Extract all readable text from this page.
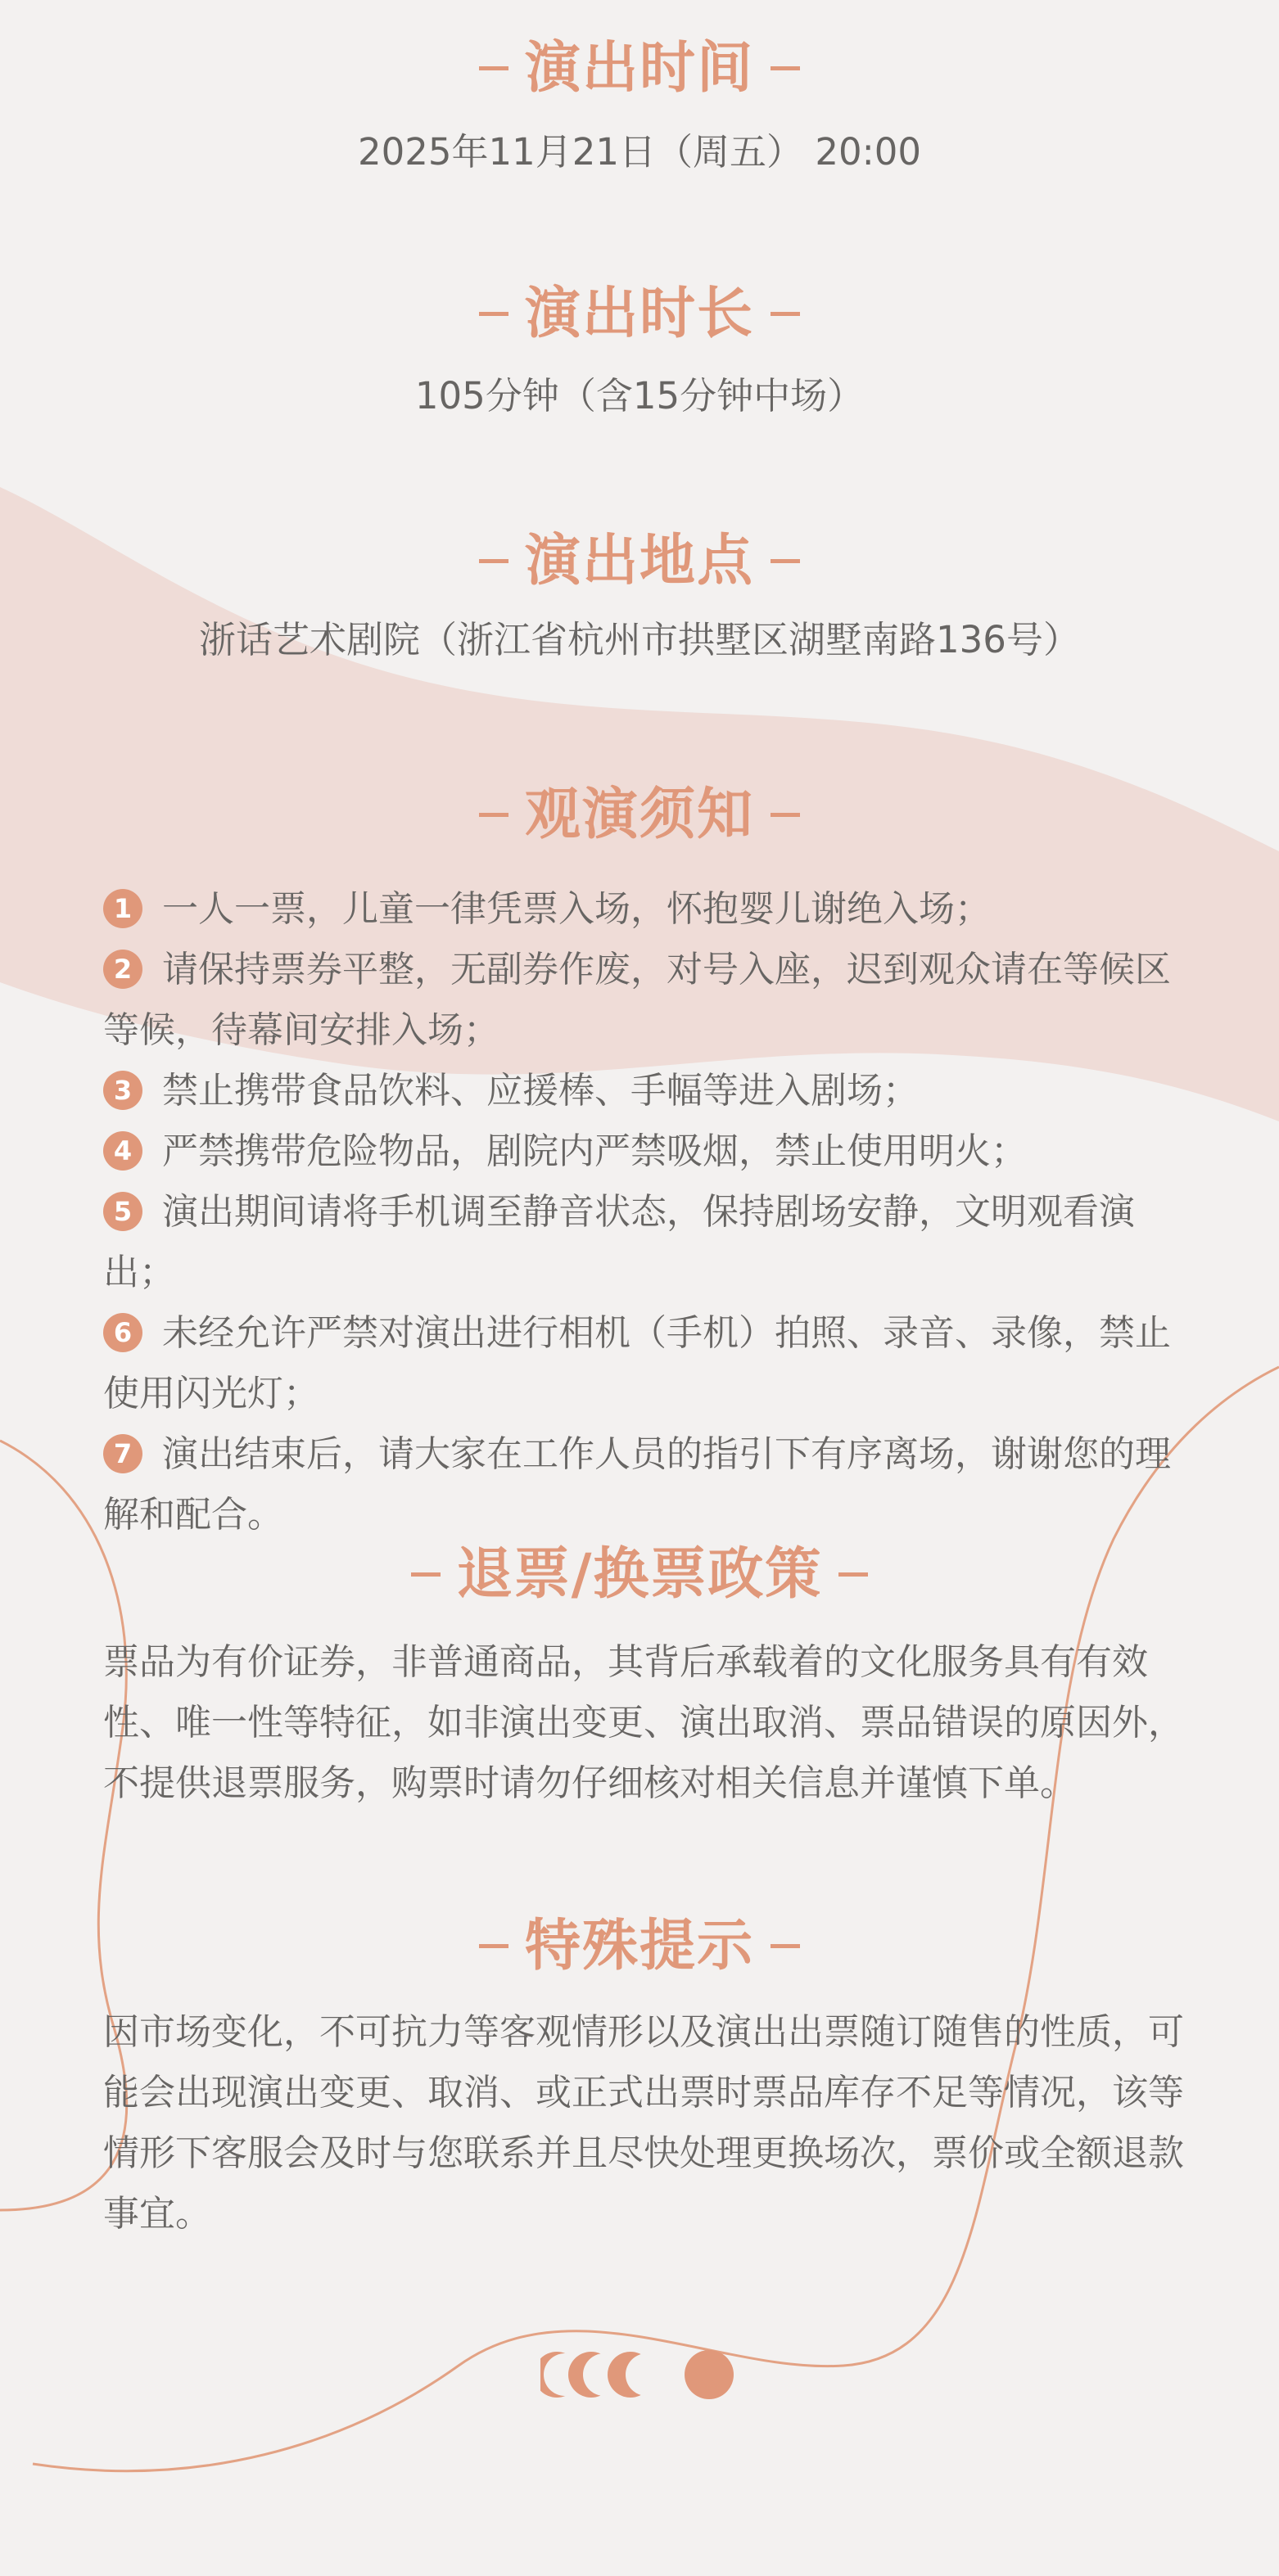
演出时间
2025年11月21日（周五） 20:00
演出时长
105分钟（含15分钟中场）
演出地点
浙话艺术剧院（浙江省杭州市拱墅区湖墅南路136号）
观演须知
1 一人一票，儿童一律凭票入场，怀抱婴儿谢绝入场；
2 请保持票券平整，无副券作废，对号入座，迟到观众请在等候区等候，待幕间安排入场；
3 禁止携带食品饮料、应援棒、手幅等进入剧场；
4 严禁携带危险物品，剧院内严禁吸烟，禁止使用明火；
5 演出期间请将手机调至静音状态，保持剧场安静，文明观看演出；
6 未经允许严禁对演出进行相机（手机）拍照、录音、录像，禁止使用闪光灯；
7 演出结束后，请大家在工作人员的指引下有序离场，谢谢您的理解和配合。
退票/换票政策
票品为有价证券，非普通商品，其背后承载着的文化服务具有有效性、唯一性等特征，如非演出变更、演出取消、票品错误的原因外，不提供退票服务，购票时请勿仔细核对相关信息并谨慎下单。
特殊提示
因市场变化，不可抗力等客观情形以及演出出票随订随售的性质，可能会出现演出变更、取消、或正式出票时票品库存不足等情况，该等情形下客服会及时与您联系并且尽快处理更换场次，票价或全额退款事宜。
